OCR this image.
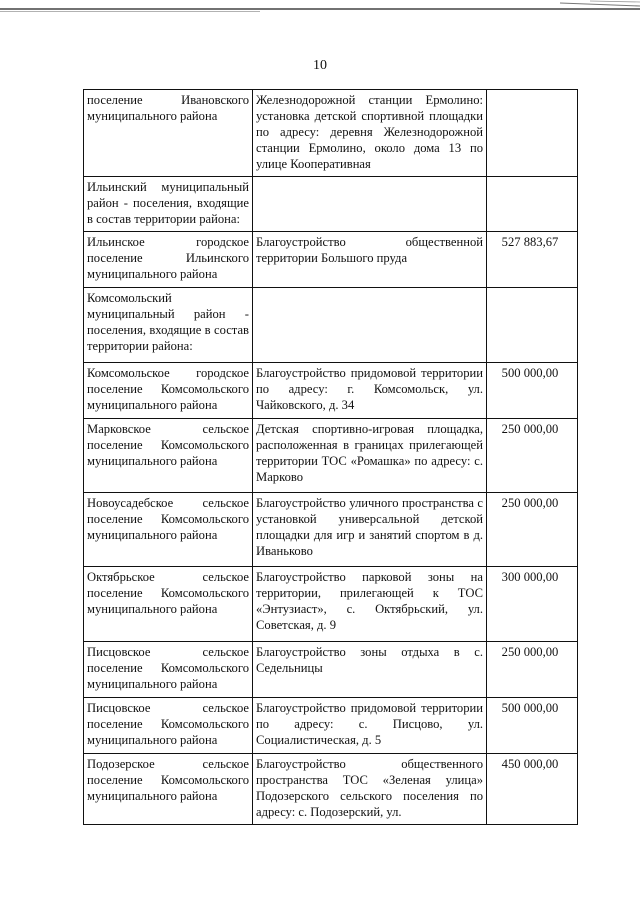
10
поселение Ивановского муниципального района	Железнодорожной станции Ермолино: установка детской спортивной площадки по адресу: деревня Железнодорожной станции Ермолино, около дома 13 по улице Кооперативная	
Ильинский муниципальный район - поселения, входящие в состав территории района:		
Ильинское городское поселение Ильинского муниципального района	Благоустройство общественной территории Большого пруда	527 883,67
Комсомольский муниципальный район - поселения, входящие в состав территории района:		
Комсомольское городское поселение Комсомольского муниципального района	Благоустройство придомовой территории по адресу: г. Комсомольск, ул. Чайковского, д. 34	500 000,00
Марковское сельское поселение Комсомольского муниципального района	Детская спортивно-игровая площадка, расположенная в границах прилегающей территории ТОС «Ромашка» по адресу: с. Марково	250 000,00
Новоусадебское сельское поселение Комсомольского муниципального района	Благоустройство уличного пространства с установкой универсальной детской площадки для игр и занятий спортом в д. Иваньково	250 000,00
Октябрьское сельское поселение Комсомольского муниципального района	Благоустройство парковой зоны на территории, прилегающей к ТОС «Энтузиаст», с. Октябрьский, ул. Советская, д. 9	300 000,00
Писцовское сельское поселение Комсомольского муниципального района	Благоустройство зоны отдыха в с. Седельницы	250 000,00
Писцовское сельское поселение Комсомольского муниципального района	Благоустройство придомовой территории по адресу: с. Писцово, ул. Социалистическая, д. 5	500 000,00
Подозерское сельское поселение Комсомольского муниципального района	Благоустройство общественного пространства ТОС «Зеленая улица» Подозерского сельского поселения по адресу: с. Подозерский, ул.	450 000,00
